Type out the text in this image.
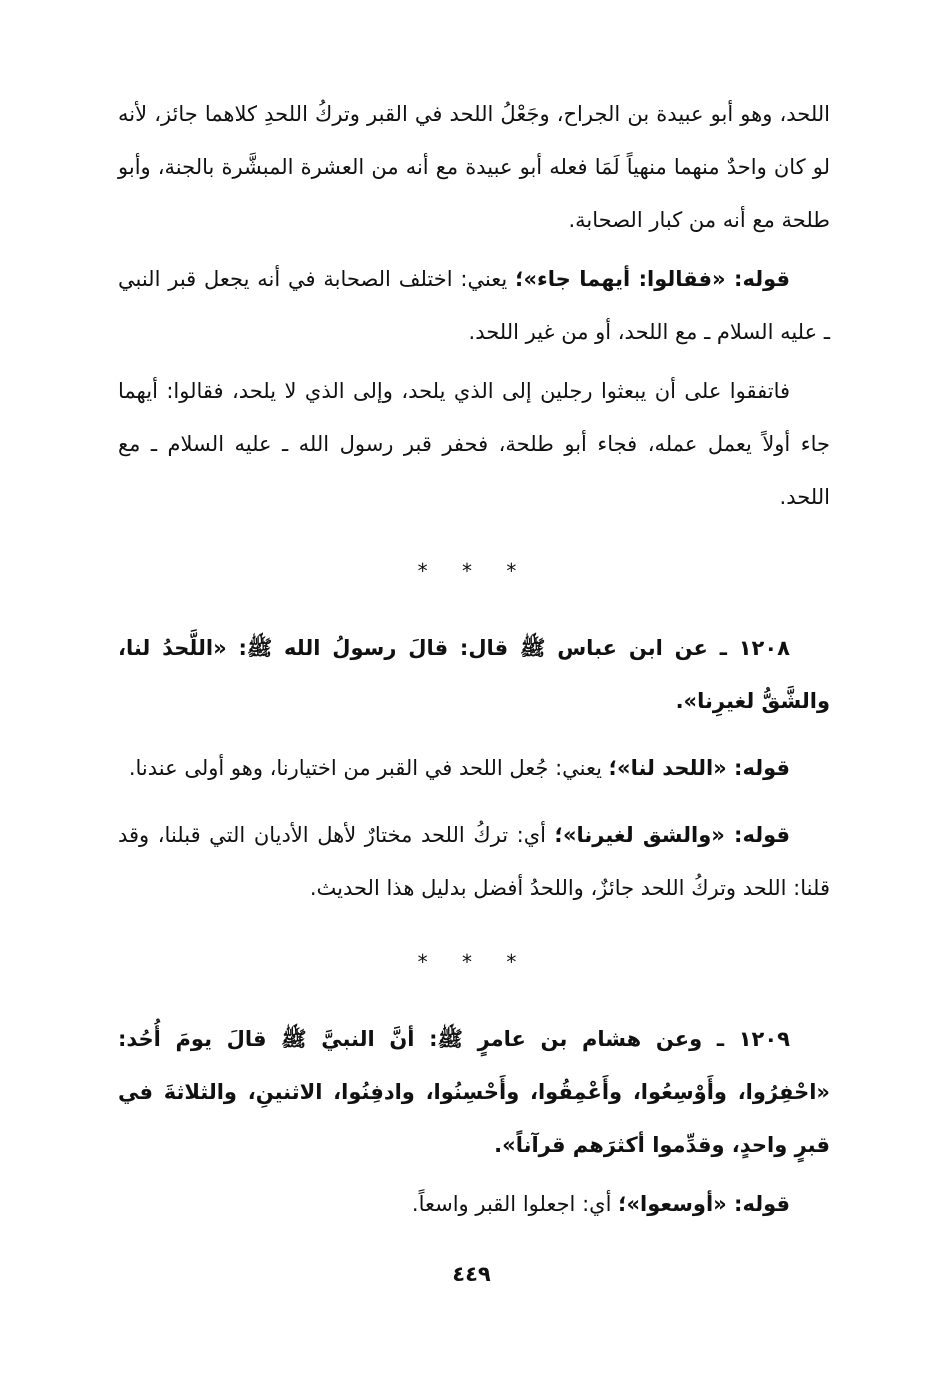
اللحد، وهو أبو عبيدة بن الجراح، وجَعْلُ اللحد في القبر وتركُ اللحدِ كلاهما جائز، لأنه لو كان واحدٌ منهما منهياً لَمَا فعله أبو عبيدة مع أنه من العشرة المبشَّرة بالجنة، وأبو طلحة مع أنه من كبار الصحابة.

قوله: «فقالوا: أيهما جاء»؛ يعني: اختلف الصحابة في أنه يجعل قبر النبي ـ عليه السلام ـ مع اللحد، أو من غير اللحد.

فاتفقوا على أن يبعثوا رجلين إلى الذي يلحد، وإلى الذي لا يلحد، فقالوا: أيهما جاء أولاً يعمل عمله، فجاء أبو طلحة، فحفر قبر رسول الله ـ عليه السلام ـ مع اللحد.

* * *

١٢٠٨ ـ عن ابن عباس ﷺ قال: قالَ رسولُ الله ﷺ: «اللَّحدُ لنا، والشَّقُّ لغيرِنا».

قوله: «اللحد لنا»؛ يعني: جُعل اللحد في القبر من اختيارنا، وهو أولى عندنا.

قوله: «والشق لغيرنا»؛ أي: تركُ اللحد مختارٌ لأهل الأديان التي قبلنا، وقد قلنا: اللحد وتركُ اللحد جائزٌ، واللحدُ أفضل بدليل هذا الحديث.

* * *

١٢٠٩ ـ وعن هشام بن عامرٍ ﷺ: أنَّ النبيَّ ﷺ قالَ يومَ أُحُد: «احْفِرُوا، وأَوْسِعُوا، وأَعْمِقُوا، وأَحْسِنُوا، وادفِنُوا، الاثنينِ، والثلاثةَ في قبرٍ واحدٍ، وقدِّموا أكثرَهم قرآناً».

قوله: «أوسعوا»؛ أي: اجعلوا القبر واسعاً.

٤٤٩
